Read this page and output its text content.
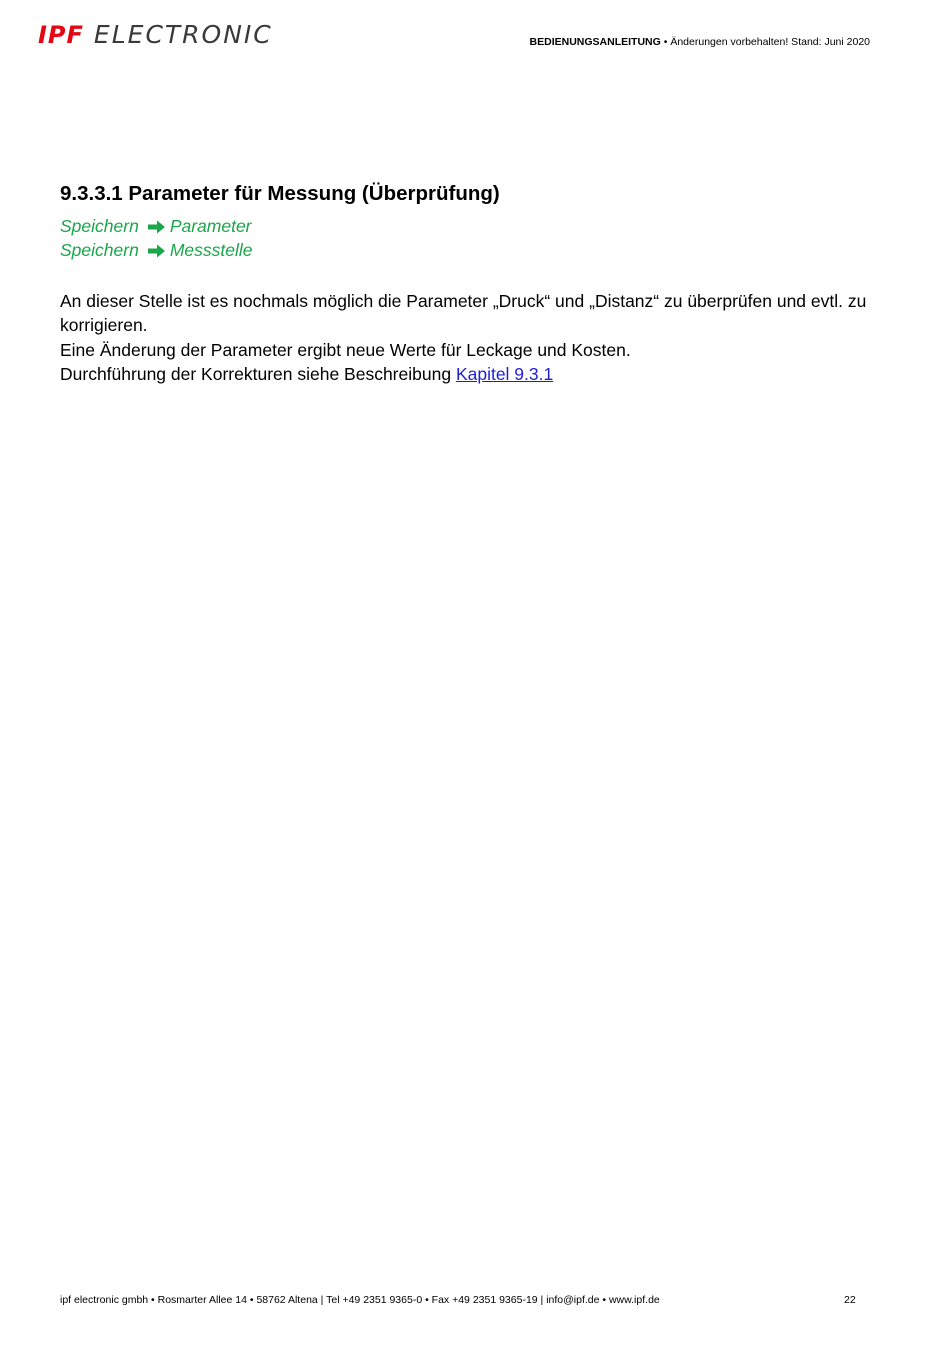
IPF ELECTRONIC	BEDIENUNGSANLEITUNG • Änderungen vorbehalten! Stand: Juni 2020
9.3.3.1 Parameter für Messung (Überprüfung)
Speichern Parameter
Speichern Messstelle

An dieser Stelle ist es nochmals möglich die Parameter „Druck“ und „Distanz“ zu überprüfen und evtl. zu korrigieren.

Eine Änderung der Parameter ergibt neue Werte für Leckage und Kosten.

Durchführung der Korrekturen siehe Beschreibung Kapitel 9.3.1

ipf electronic gmbh • Rosmarter Allee 14 • 58762 Altena | Tel +49 2351 9365-0 • Fax +49 2351 9365-19 | info@ipf.de • www.ipf.de	22
